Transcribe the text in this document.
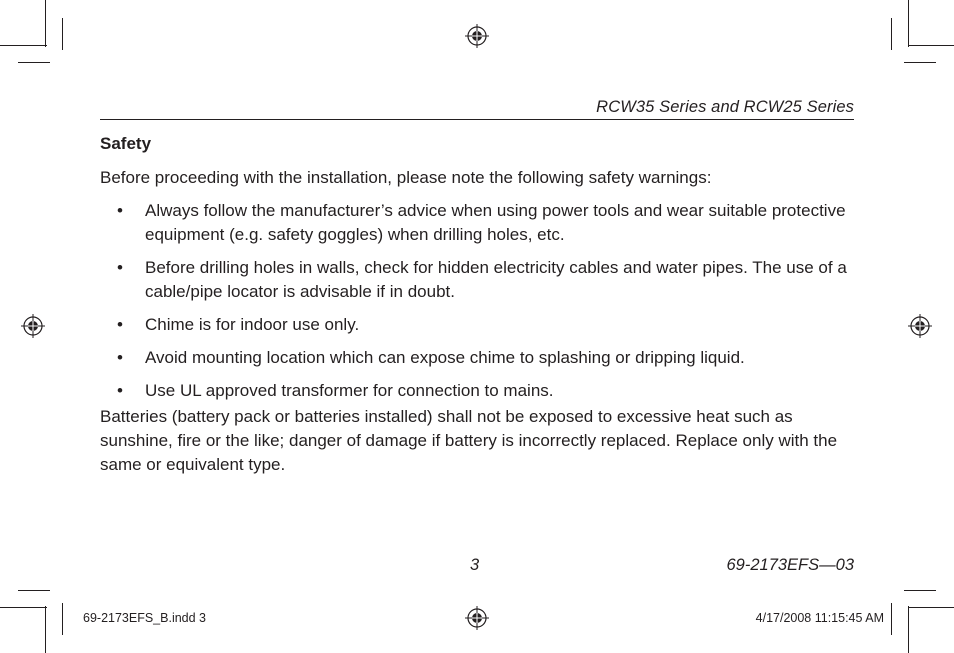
RCW35 Series and RCW25 Series
Safety
Before proceeding with the installation, please note the following safety warnings:
• Always follow the manufacturer’s advice when using power tools and wear suitable protective equipment (e.g. safety goggles) when drilling holes, etc.
• Before drilling holes in walls, check for hidden electricity cables and water pipes. The use of a cable/pipe locator is advisable if in doubt.
• Chime is for indoor use only.
• Avoid mounting location which can expose chime to splashing or dripping liquid.
• Use UL approved transformer for connection to mains.
Batteries (battery pack or batteries installed) shall not be exposed to excessive heat such as sunshine, fire or the like; danger of damage if battery is incorrectly replaced. Replace only with the same or equivalent type.
3	69-2173EFS—03
69-2173EFS_B.indd 3	4/17/2008 11:15:45 AM
